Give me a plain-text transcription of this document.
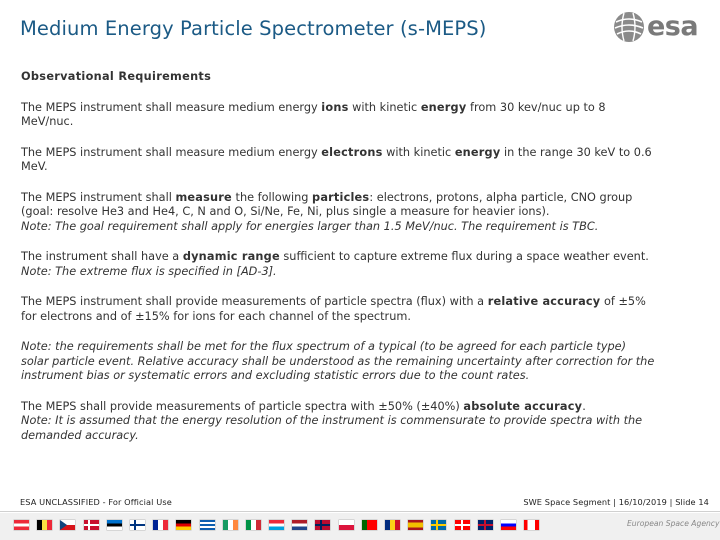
Medium Energy Particle Spectrometer (s-MEPS)	esa
Observational Requirements
The MEPS instrument shall measure medium energy ions with kinetic energy from 30 kev/nuc up to 8
MeV/nuc.
The MEPS instrument shall measure medium energy electrons with kinetic energy in the range 30 keV to 0.6
MeV.
The MEPS instrument shall measure the following particles: electrons, protons, alpha particle, CNO group
(goal: resolve He3 and He4, C, N and O, Si/Ne, Fe, Ni, plus single a measure for heavier ions).
Note: The goal requirement shall apply for energies larger than 1.5 MeV/nuc. The requirement is TBC.
The instrument shall have a dynamic range sufficient to capture extreme flux during a space weather event.
Note: The extreme flux is specified in [AD-3].
The MEPS instrument shall provide measurements of particle spectra (flux) with a relative accuracy of ±5%
for electrons and of ±15% for ions for each channel of the spectrum.
Note: the requirements shall be met for the flux spectrum of a typical (to be agreed for each particle type)
solar particle event. Relative accuracy shall be understood as the remaining uncertainty after correction for the
instrument bias or systematic errors and excluding statistic errors due to the count rates.
The MEPS shall provide measurements of particle spectra with ±50% (±40%) absolute accuracy.
Note: It is assumed that the energy resolution of the instrument is commensurate to provide spectra with the
demanded accuracy.
ESA UNCLASSIFIED - For Official Use	SWE Space Segment | 16/10/2019 | Slide 14
European Space Agency
